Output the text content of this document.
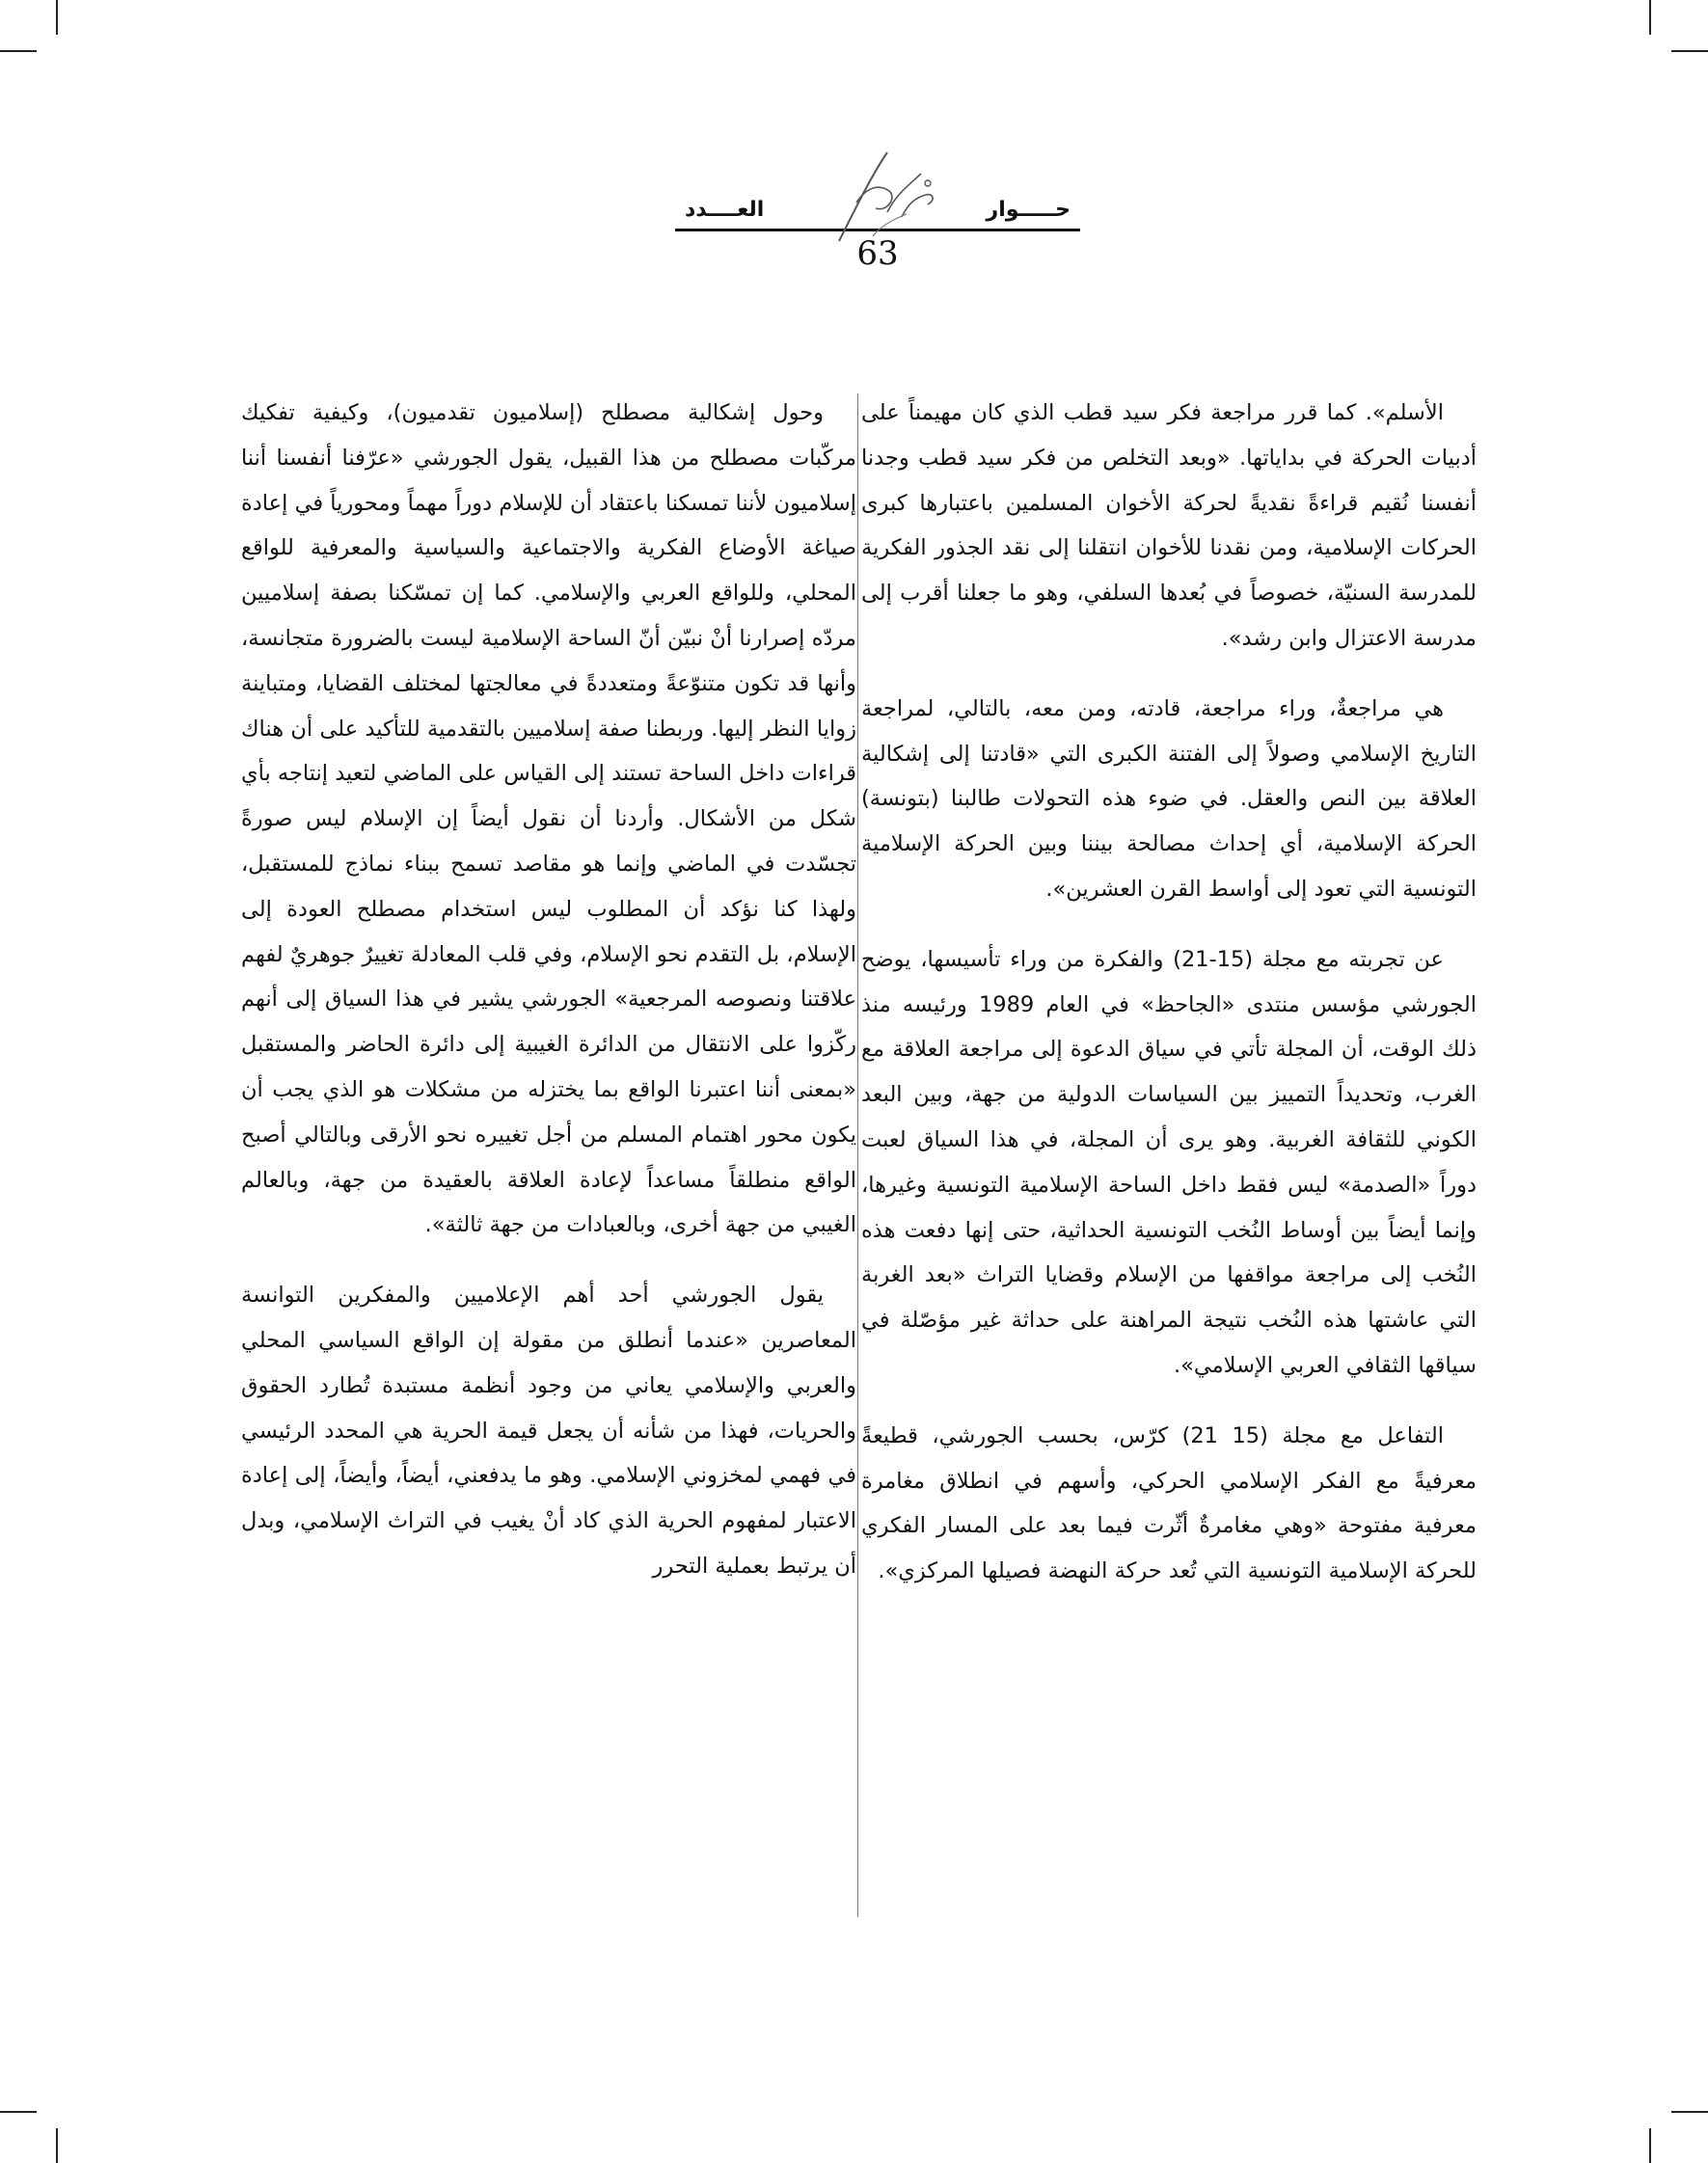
حـــــوار
العــــدد
63

الأسلم». كما قرر مراجعة فكر سيد قطب الذي كان مهيمناً على أدبيات الحركة في بداياتها. «وبعد التخلص من فكر سيد قطب وجدنا أنفسنا نُقيم قراءةً نقديةً لحركة الأخوان المسلمين باعتبارها كبرى الحركات الإسلامية، ومن نقدنا للأخوان انتقلنا إلى نقد الجذور الفكرية للمدرسة السنيّة، خصوصاً في بُعدها السلفي، وهو ما جعلنا أقرب إلى مدرسة الاعتزال وابن رشد».

هي مراجعةٌ، وراء مراجعة، قادته، ومن معه، بالتالي، لمراجعة التاريخ الإسلامي وصولاً إلى الفتنة الكبرى التي «قادتنا إلى إشكالية العلاقة بين النص والعقل. في ضوء هذه التحولات طالبنا (بتونسة) الحركة الإسلامية، أي إحداث مصالحة بيننا وبين الحركة الإسلامية التونسية التي تعود إلى أواسط القرن العشرين».

عن تجربته مع مجلة (15-21) والفكرة من وراء تأسيسها، يوضح الجورشي مؤسس منتدى «الجاحظ» في العام 1989 ورئيسه منذ ذلك الوقت، أن المجلة تأتي في سياق الدعوة إلى مراجعة العلاقة مع الغرب، وتحديداً التمييز بين السياسات الدولية من جهة، وبين البعد الكوني للثقافة الغربية. وهو يرى أن المجلة، في هذا السياق لعبت دوراً «الصدمة» ليس فقط داخل الساحة الإسلامية التونسية وغيرها، وإنما أيضاً بين أوساط النُخب التونسية الحداثية، حتى إنها دفعت هذه النُخب إلى مراجعة مواقفها من الإسلام وقضايا التراث «بعد الغربة التي عاشتها هذه النُخب نتيجة المراهنة على حداثة غير مؤصّلة في سياقها الثقافي العربي الإسلامي».

التفاعل مع مجلة (15 21) كرّس، بحسب الجورشي، قطيعةً معرفيةً مع الفكر الإسلامي الحركي، وأسهم في انطلاق مغامرة معرفية مفتوحة «وهي مغامرةٌ أثّرت فيما بعد على المسار الفكري للحركة الإسلامية التونسية التي تُعد حركة النهضة فصيلها المركزي».

وحول إشكالية مصطلح (إسلاميون تقدميون)، وكيفية تفكيك مركّبات مصطلح من هذا القبيل، يقول الجورشي «عرّفنا أنفسنا أننا إسلاميون لأننا تمسكنا باعتقاد أن للإسلام دوراً مهماً ومحورياً في إعادة صياغة الأوضاع الفكرية والاجتماعية والسياسية والمعرفية للواقع المحلي، وللواقع العربي والإسلامي. كما إن تمسّكنا بصفة إسلاميين مردّه إصرارنا أنْ نبيّن أنّ الساحة الإسلامية ليست بالضرورة متجانسة، وأنها قد تكون متنوّعةً ومتعددةً في معالجتها لمختلف القضايا، ومتباينة زوايا النظر إليها. وربطنا صفة إسلاميين بالتقدمية للتأكيد على أن هناك قراءات داخل الساحة تستند إلى القياس على الماضي لتعيد إنتاجه بأي شكل من الأشكال. وأردنا أن نقول أيضاً إن الإسلام ليس صورةً تجسّدت في الماضي وإنما هو مقاصد تسمح ببناء نماذج للمستقبل، ولهذا كنا نؤكد أن المطلوب ليس استخدام مصطلح العودة إلى الإسلام، بل التقدم نحو الإسلام، وفي قلب المعادلة تغييرٌ جوهريٌ لفهم علاقتنا ونصوصه المرجعية» الجورشي يشير في هذا السياق إلى أنهم ركّزوا على الانتقال من الدائرة الغيبية إلى دائرة الحاضر والمستقبل «بمعنى أننا اعتبرنا الواقع بما يختزله من مشكلات هو الذي يجب أن يكون محور اهتمام المسلم من أجل تغييره نحو الأرقى وبالتالي أصبح الواقع منطلقاً مساعداً لإعادة العلاقة بالعقيدة من جهة، وبالعالم الغيبي من جهة أخرى، وبالعبادات من جهة ثالثة».

يقول الجورشي أحد أهم الإعلاميين والمفكرين التوانسة المعاصرين «عندما أنطلق من مقولة إن الواقع السياسي المحلي والعربي والإسلامي يعاني من وجود أنظمة مستبدة تُطارد الحقوق والحريات، فهذا من شأنه أن يجعل قيمة الحرية هي المحدد الرئيسي في فهمي لمخزوني الإسلامي. وهو ما يدفعني، أيضاً، وأيضاً، إلى إعادة الاعتبار لمفهوم الحرية الذي كاد أنْ يغيب في التراث الإسلامي، وبدل أن يرتبط بعملية التحرر
